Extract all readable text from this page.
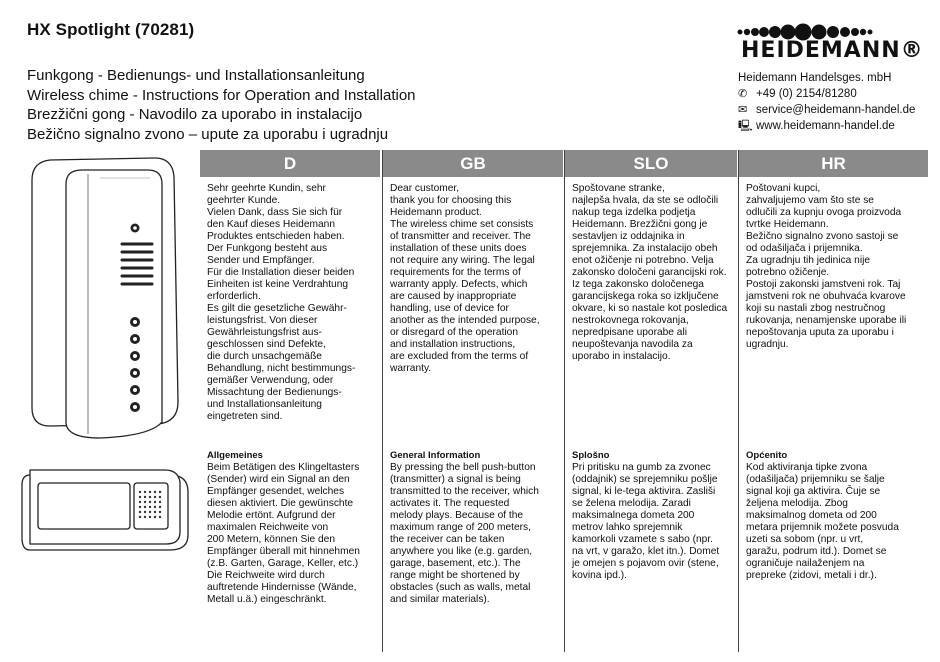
HX Spotlight (70281)
Funkgong - Bedienungs- und Installationsanleitung
Wireless chime - Instructions for Operation and Installation
Brezžični gong - Navodilo za uporabo in instalacijo
Bežično signalno zvono – upute za uporabu i ugradnju
HEIDEMANN®
Heidemann Handelsges. mbH
✆ +49 (0) 2154/81280
✉ service@heidemann-handel.de
🖳 www.heidemann-handel.de
D

Sehr geehrte Kundin, sehr
geehrter Kunde.
Vielen Dank, dass Sie sich für
den Kauf dieses Heidemann
Produktes entschieden haben.
Der Funkgong besteht aus
Sender und Empfänger.
Für die Installation dieser beiden
Einheiten ist keine Verdrahtung
erforderlich.
Es gilt die gesetzliche Gewähr-
leistungsfrist. Von dieser
Gewährleistungsfrist aus-
geschlossen sind Defekte,
die durch unsachgemäße
Behandlung, nicht bestimmungs-
gemäßer Verwendung, oder
Missachtung der Bedienungs-
und Installationsanleitung
eingetreten sind.

Allgemeines

Beim Betätigen des Klingeltasters
(Sender) wird ein Signal an den
Empfänger gesendet, welches
diesen aktiviert. Die gewünschte
Melodie ertönt. Aufgrund der
maximalen Reichweite von
200 Metern, können Sie den
Empfänger überall mit hinnehmen
(z.B. Garten, Garage, Keller, etc.)
Die Reichweite wird durch
auftretende Hindernisse (Wände,
Metall u.ä.) eingeschränkt.

GB

Dear customer,
thank you for choosing this
Heidemann product.
The wireless chime set consists
of transmitter and receiver. The
installation of these units does
not require any wiring. The legal
requirements for the terms of
warranty apply. Defects, which
are caused by inappropriate
handling, use of device for
another as the intended purpose,
or disregard of the operation
and installation instructions,
are excluded from the terms of
warranty.

General Information

By pressing the bell push-button
(transmitter) a signal is being
transmitted to the receiver, which
activates it. The requested
melody plays. Because of the
maximum range of 200 meters,
the receiver can be taken
anywhere you like (e.g. garden,
garage, basement, etc.). The
range might be shortened by
obstacles (such as walls, metal
and similar materials).

SLO

Spoštovane stranke,
najlepša hvala, da ste se odločili
nakup tega izdelka podjetja
Heidemann. Brezžični gong je
sestavljen iz oddajnika in
sprejemnika. Za instalacijo obeh
enot ožičenje ni potrebno. Velja
zakonsko določeni garancijski rok.
Iz tega zakonsko določenega
garancijskega roka so izključene
okvare, ki so nastale kot posledica
nestrokovnega rokovanja,
nepredpisane uporabe ali
neupoštevanja navodila za
uporabo in instalacijo.

Splošno

Pri pritisku na gumb za zvonec
(oddajnik) se sprejemniku pošlje
signal, ki le-tega aktivira. Zasliši
se želena melodija. Zaradi
maksimalnega dometa 200
metrov lahko sprejemnik
kamorkoli vzamete s sabo (npr.
na vrt, v garažo, klet itn.). Domet
je omejen s pojavom ovir (stene,
kovina ipd.).

HR

Poštovani kupci,
zahvaljujemo vam što ste se
odlučili za kupnju ovoga proizvoda
tvrtke Heidemann.
Bežično signalno zvono sastoji se
od odašiljača i prijemnika.
Za ugradnju tih jedinica nije
potrebno ožičenje.
Postoji zakonski jamstveni rok. Taj
jamstveni rok ne obuhvaća kvarove
koji su nastali zbog nestručnog
rukovanja, nenamjenske uporabe ili
nepoštovanja uputa za uporabu i
ugradnju.

Općenito

Kod aktiviranja tipke zvona
(odašiljača) prijemniku se šalje
signal koji ga aktivira. Čuje se
željena melodija. Zbog
maksimalnog dometa od 200
metara prijemnik možete posvuda
uzeti sa sobom (npr. u vrt,
garažu, podrum itd.). Domet se
ograničuje nailaženjem na
prepreke (zidovi, metali i dr.).
